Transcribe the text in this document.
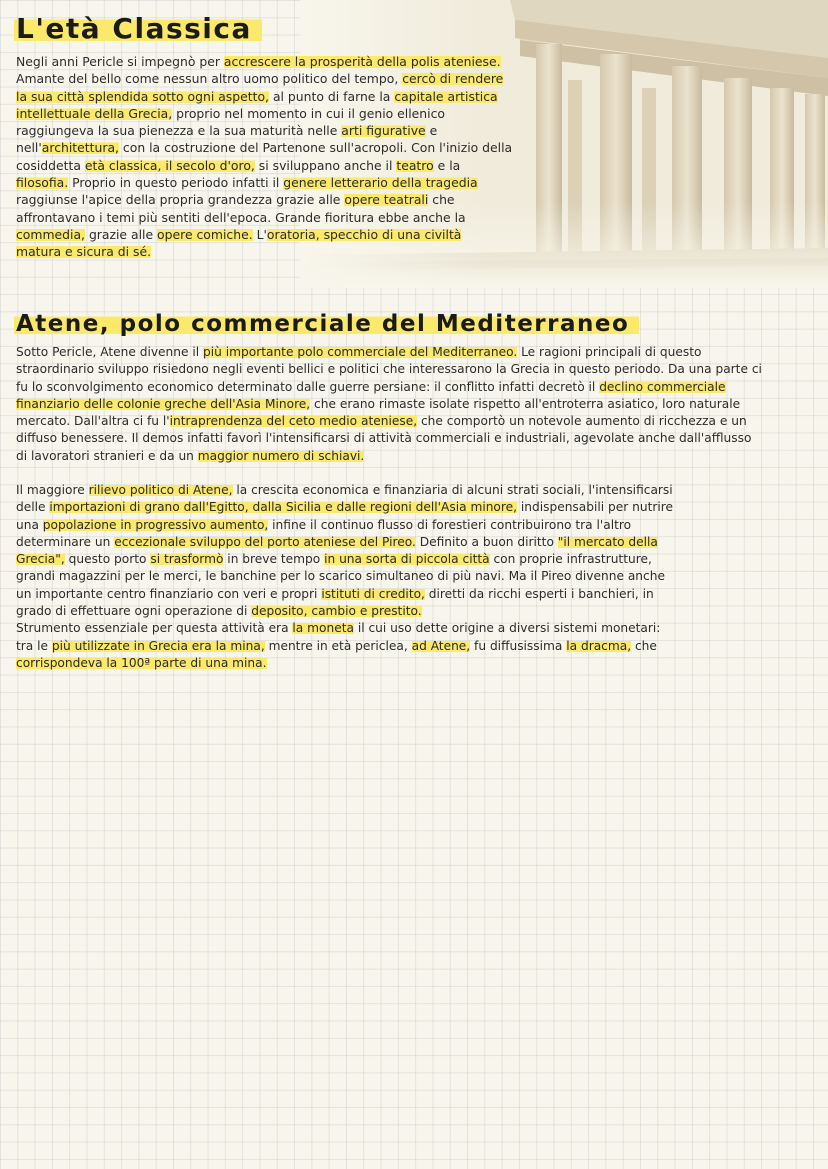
L'età Classica
Negli anni Pericle si impegnò per accrescere la prosperità della polis ateniese.
Amante del bello come nessun altro uomo politico del tempo, cercò di rendere
la sua città splendida sotto ogni aspetto, al punto di farne la capitale artistica
intellettuale della Grecia, proprio nel momento in cui il genio ellenico
raggiungeva la sua pienezza e la sua maturità nelle arti figurative e
nell'architettura, con la costruzione del Partenone sull'acropoli. Con l'inizio della
cosiddetta età classica, il secolo d'oro, si sviluppano anche il teatro e la
filosofia. Proprio in questo periodo infatti il genere letterario della tragedia
raggiunse l'apice della propria grandezza grazie alle opere teatrali che
affrontavano i temi più sentiti dell'epoca. Grande fioritura ebbe anche la
commedia, grazie alle opere comiche. L'oratoria, specchio di una civiltà
matura e sicura di sé.
Atene, polo commerciale del Mediterraneo
Sotto Pericle, Atene divenne il più importante polo commerciale del Mediterraneo. Le ragioni principali di questo
straordinario sviluppo risiedono negli eventi bellici e politici che interessarono la Grecia in questo periodo. Da una parte ci
fu lo sconvolgimento economico determinato dalle guerre persiane: il conflitto infatti decretò il declino commerciale
finanziario delle colonie greche dell'Asia Minore, che erano rimaste isolate rispetto all'entroterra asiatico, loro naturale
mercato. Dall'altra ci fu l'intraprendenza del ceto medio ateniese, che comportò un notevole aumento di ricchezza e un
diffuso benessere. Il demos infatti favorì l'intensificarsi di attività commerciali e industriali, agevolate anche dall'afflusso
di lavoratori stranieri e da un maggior numero di schiavi.
Il maggiore rilievo politico di Atene, la crescita economica e finanziaria di alcuni strati sociali, l'intensificarsi
delle importazioni di grano dall'Egitto, dalla Sicilia e dalle regioni dell'Asia minore, indispensabili per nutrire
una popolazione in progressivo aumento, infine il continuo flusso di forestieri contribuirono tra l'altro
determinare un eccezionale sviluppo del porto ateniese del Pireo. Definito a buon diritto "il mercato della
Grecia", questo porto si trasformò in breve tempo in una sorta di piccola città con proprie infrastrutture,
grandi magazzini per le merci, le banchine per lo scarico simultaneo di più navi. Ma il Pireo divenne anche
un importante centro finanziario con veri e propri istituti di credito, diretti da ricchi esperti i banchieri, in
grado di effettuare ogni operazione di deposito, cambio e prestito.
Strumento essenziale per questa attività era la moneta il cui uso dette origine a diversi sistemi monetari:
tra le più utilizzate in Grecia era la mina, mentre in età periclea, ad Atene, fu diffusissima la dracma, che
corrispondeva la 100ª parte di una mina.
